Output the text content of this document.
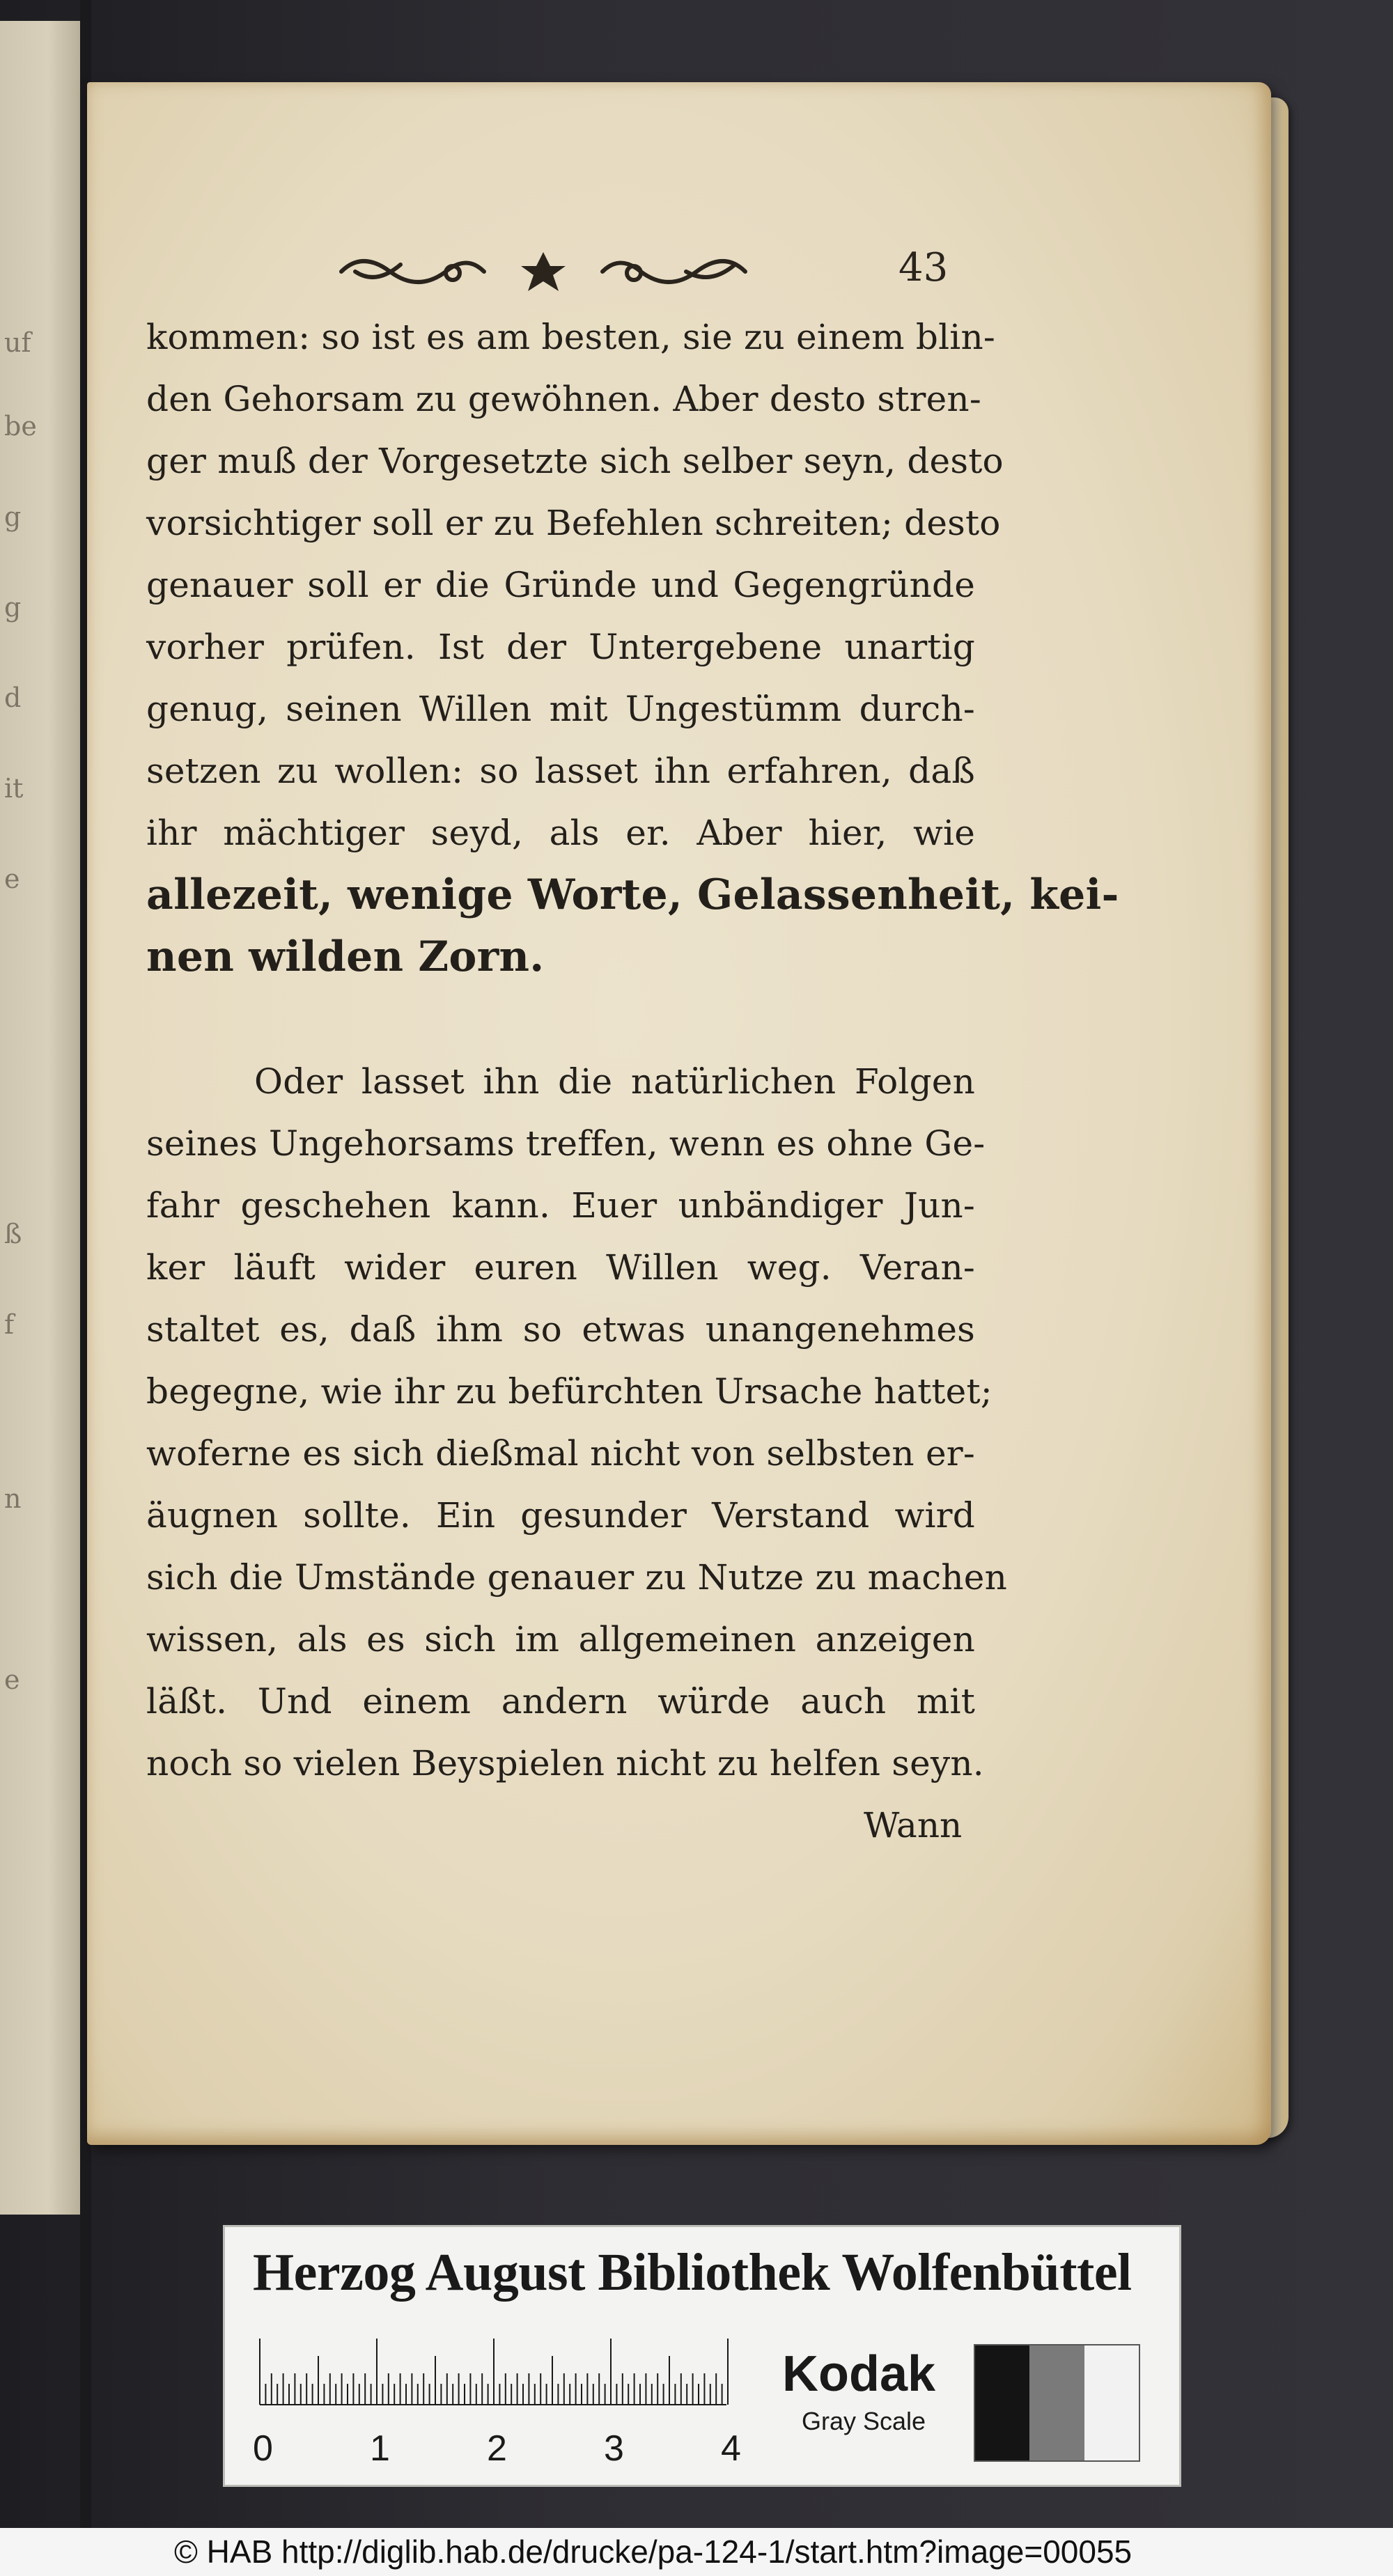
uf
be
g
g
d
it
e
ß
f
n
e
43
kommen: so ist es am besten, sie zu einem blin-
den Gehorsam zu gewöhnen. Aber desto stren-
ger muß der Vorgesetzte sich selber seyn, desto
vorsichtiger soll er zu Befehlen schreiten; desto
genauer soll er die Gründe und Gegengründe
vorher prüfen. Ist der Untergebene unartig
genug, seinen Willen mit Ungestümm durch-
setzen zu wollen: so lasset ihn erfahren, daß
ihr mächtiger seyd, als er. Aber hier, wie
allezeit, wenige Worte, Gelassenheit, kei-
nen wilden Zorn.
Oder lasset ihn die natürlichen Folgen
seines Ungehorsams treffen, wenn es ohne Ge-
fahr geschehen kann. Euer unbändiger Jun-
ker läuft wider euren Willen weg. Veran-
staltet es, daß ihm so etwas unangenehmes
begegne, wie ihr zu befürchten Ursache hattet;
woferne es sich dießmal nicht von selbsten er-
äugnen sollte. Ein gesunder Verstand wird
sich die Umstände genauer zu Nutze zu machen
wissen, als es sich im allgemeinen anzeigen
läßt. Und einem andern würde auch mit
noch so vielen Beyspielen nicht zu helfen seyn.
Wann
Herzog August Bibliothek Wolfenbüttel
0	1	2	3	4
Kodak
Gray Scale
© HAB http://diglib.hab.de/drucke/pa-124-1/start.htm?image=00055
